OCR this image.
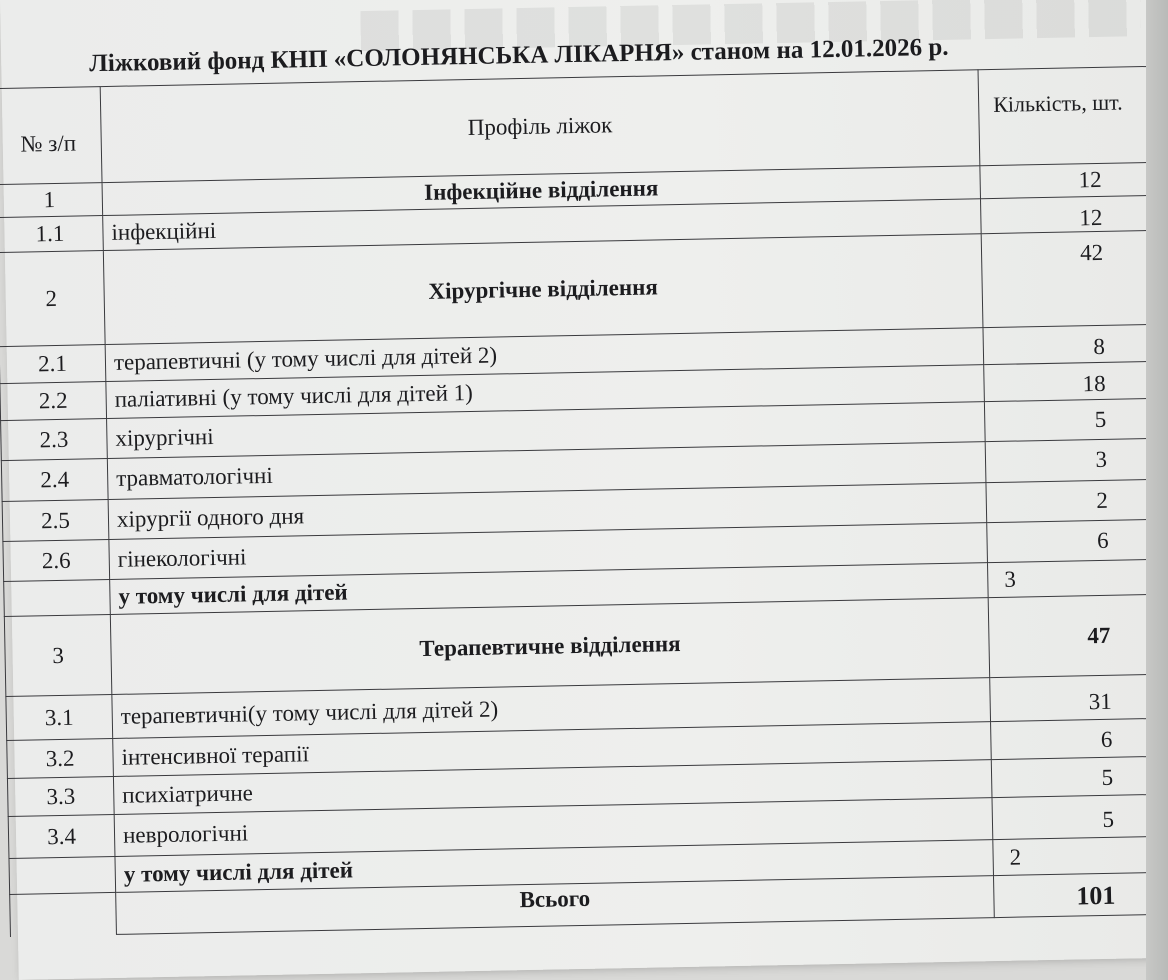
Ліжковий фонд КНП «СОЛОНЯНСЬКА ЛІКАРНЯ» станом на 12.01.2026 р.
№ з/п	Профіль ліжок	Кількість, шт.
1	Інфекційне відділення	12
1.1	інфекційні	12
2	Хірургічне відділення	42
2.1	терапевтичні (у тому числі для дітей 2)	8
2.2	паліативні (у тому числі для дітей 1)	18
2.3	хірургічні	5
2.4	травматологічні	3
2.5	хірургії одного дня	2
2.6	гінекологічні	6
	у тому числі для дітей	3
3	Терапевтичне відділення	47
3.1	терапевтичні(у тому числі для дітей 2)	31
3.2	інтенсивної терапії	6
3.3	психіатричне	5
3.4	неврологічні	5
	у тому числі для дітей	2
	Всього	101
